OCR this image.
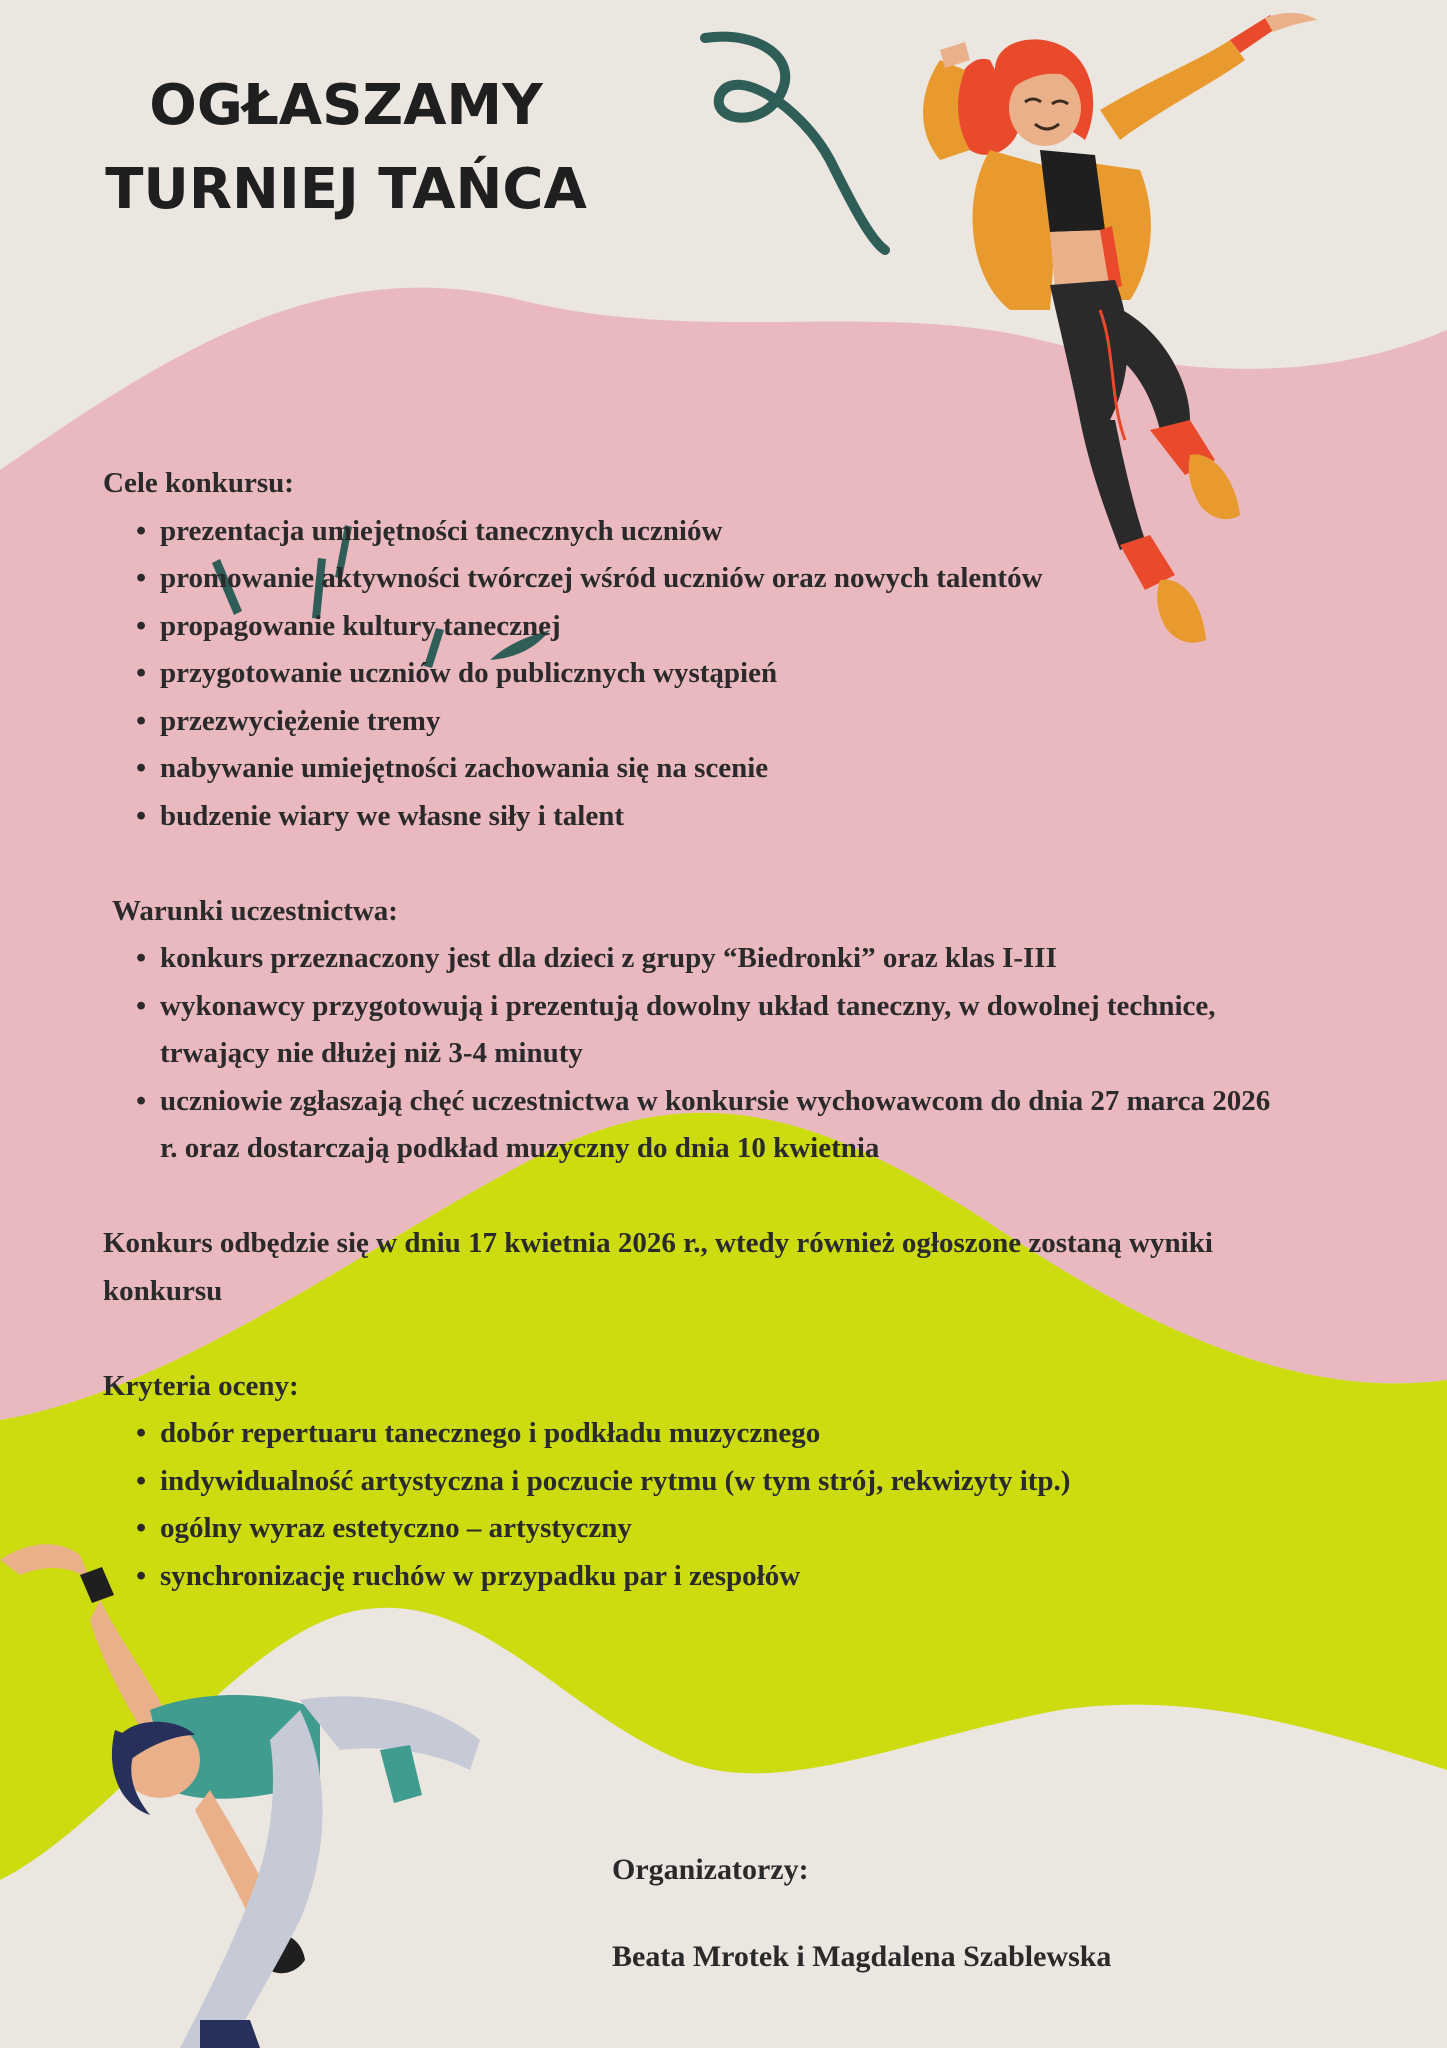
OGŁASZAMY
TURNIEJ TAŃCA

Cele konkursu:

• prezentacja umiejętności tanecznych uczniów
• promowanie aktywności twórczej wśród uczniów oraz nowych talentów
• propagowanie kultury tanecznej
• przygotowanie uczniów do publicznych wystąpień
• przezwyciężenie tremy
• nabywanie umiejętności zachowania się na scenie
• budzenie wiary we własne siły i talent

Warunki uczestnictwa:

• konkurs przeznaczony jest dla dzieci z grupy “Biedronki” oraz klas I-III
• wykonawcy przygotowują i prezentują dowolny układ taneczny, w dowolnej technice, trwający nie dłużej niż 3-4 minuty
• uczniowie zgłaszają chęć uczestnictwa w konkursie wychowawcom do dnia 27 marca 2026 r. oraz dostarczają podkład muzyczny do dnia 10 kwietnia

Konkurs odbędzie się w dniu 17 kwietnia 2026 r., wtedy również ogłoszone zostaną wyniki konkursu

Kryteria oceny:

• dobór repertuaru tanecznego i podkładu muzycznego
• indywidualność artystyczna i poczucie rytmu (w tym strój, rekwizyty itp.)
• ogólny wyraz estetyczno – artystyczny
• synchronizację ruchów w przypadku par i zespołów

Organizatorzy:

Beata Mrotek i Magdalena Szablewska
